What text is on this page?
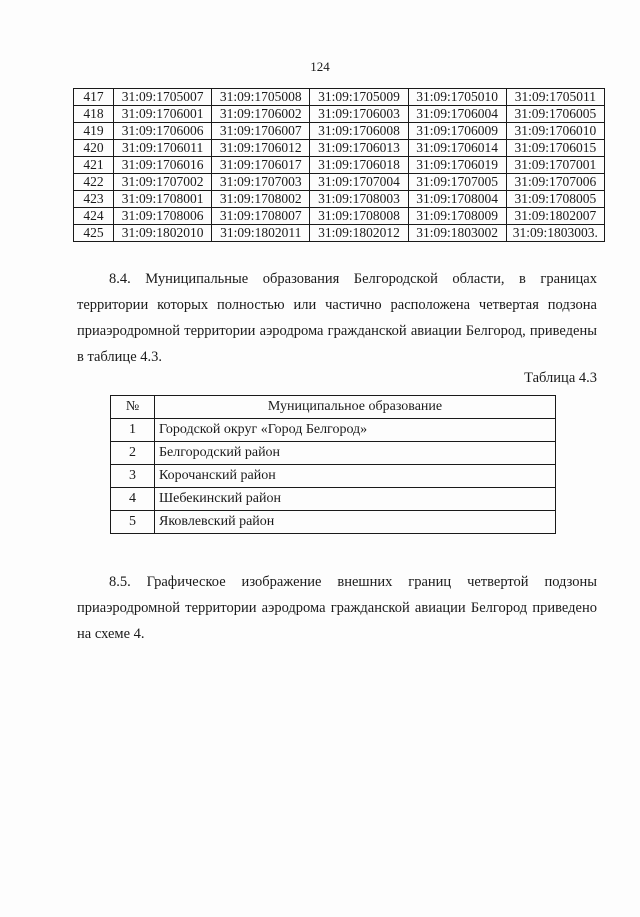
124
417	31:09:1705007	31:09:1705008	31:09:1705009	31:09:1705010	31:09:1705011
418	31:09:1706001	31:09:1706002	31:09:1706003	31:09:1706004	31:09:1706005
419	31:09:1706006	31:09:1706007	31:09:1706008	31:09:1706009	31:09:1706010
420	31:09:1706011	31:09:1706012	31:09:1706013	31:09:1706014	31:09:1706015
421	31:09:1706016	31:09:1706017	31:09:1706018	31:09:1706019	31:09:1707001
422	31:09:1707002	31:09:1707003	31:09:1707004	31:09:1707005	31:09:1707006
423	31:09:1708001	31:09:1708002	31:09:1708003	31:09:1708004	31:09:1708005
424	31:09:1708006	31:09:1708007	31:09:1708008	31:09:1708009	31:09:1802007
425	31:09:1802010	31:09:1802011	31:09:1802012	31:09:1803002	31:09:1803003.

8.4. Муниципальные образования Белгородской области, в границах территории которых полностью или частично расположена четвертая подзона приаэродромной территории аэродрома гражданской авиации Белгород, приведены в таблице 4.3.

Таблица 4.3
№	Муниципальное образование
1	Городской округ «Город Белгород»
2	Белгородский район
3	Корочанский район
4	Шебекинский район
5	Яковлевский район

8.5. Графическое изображение внешних границ четвертой подзоны приаэродромной территории аэродрома гражданской авиации Белгород приведено на схеме 4.
